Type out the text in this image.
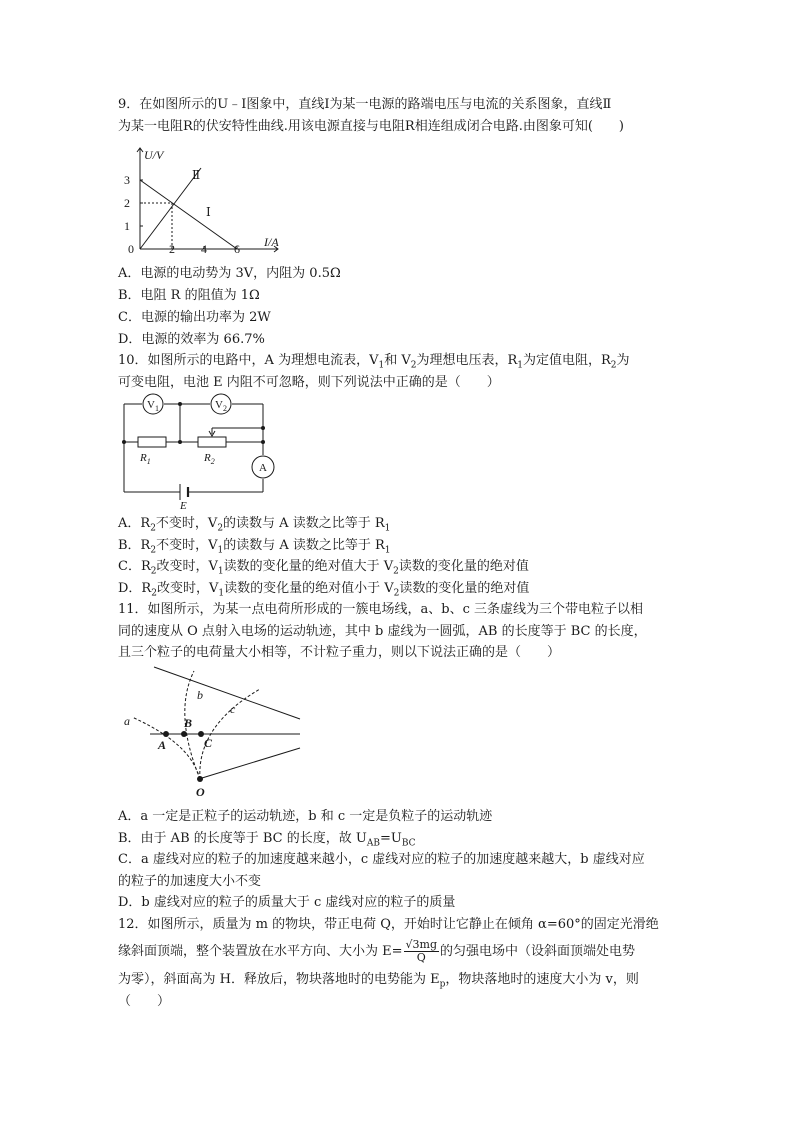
9．在如图所示的U﹣I图象中，直线Ⅰ为某一电源的路端电压与电流的关系图象，直线Ⅱ
为某一电阻R的伏安特性曲线.用该电源直接与电阻R相连组成闭合电路.由图象可知(　　)
U/V
I/A
0
1
2
3
2 4 6
Ⅰ
Ⅱ
A．电源的电动势为 3V，内阻为 0.5Ω
B．电阻 R 的阻值为 1Ω
C．电源的输出功率为 2W
D．电源的效率为 66.7%
10．如图所示的电路中，A 为理想电流表，$V_1$和 $V_2$为理想电压表，$R_1$为定值电阻，$R_2$为
可变电阻，电池 E 内阻不可忽略，则下列说法中正确的是（　　）
$V_1$	$V_2$
A
$R_1$	$R_2$
E
A．$R_2$不变时，$V_2$的读数与 A 读数之比等于 $R_1$
B．$R_2$不变时，$V_1$的读数与 A 读数之比等于 $R_1$
C．$R_2$改变时，$V_1$读数的变化量的绝对值大于 $V_2$读数的变化量的绝对值
D．$R_2$改变时，$V_1$读数的变化量的绝对值小于 $V_2$读数的变化量的绝对值
11．如图所示，为某一点电荷所形成的一簇电场线，a、b、c 三条虚线为三个带电粒子以相
同的速度从 O 点射入电场的运动轨迹，其中 b 虚线为一圆弧，AB 的长度等于 BC 的长度，
且三个粒子的电荷量大小相等，不计粒子重力，则以下说法正确的是（　　）
a
b
c
A
B
C
O
A．a 一定是正粒子的运动轨迹，b 和 c 一定是负粒子的运动轨迹
B．由于 AB 的长度等于 BC 的长度，故 $U_{AB}=U_{BC}$
C．a 虚线对应的粒子的加速度越来越小，c 虚线对应的粒子的加速度越来越大，b 虚线对应
的粒子的加速度大小不变
D．b 虚线对应的粒子的质量大于 c 虚线对应的粒子的质量
12．如图所示，质量为 m 的物块，带正电荷 Q，开始时让它静止在倾角 α=60°的固定光滑绝
缘斜面顶端，整个装置放在水平方向、大小为 $E= \frac{√3mg}{Q}$ 的匀强电场中（设斜面顶端处电势
为零），斜面高为 H．释放后，物块落地时的电势能为 $E_p$，物块落地时的速度大小为 v，则
（　　）
